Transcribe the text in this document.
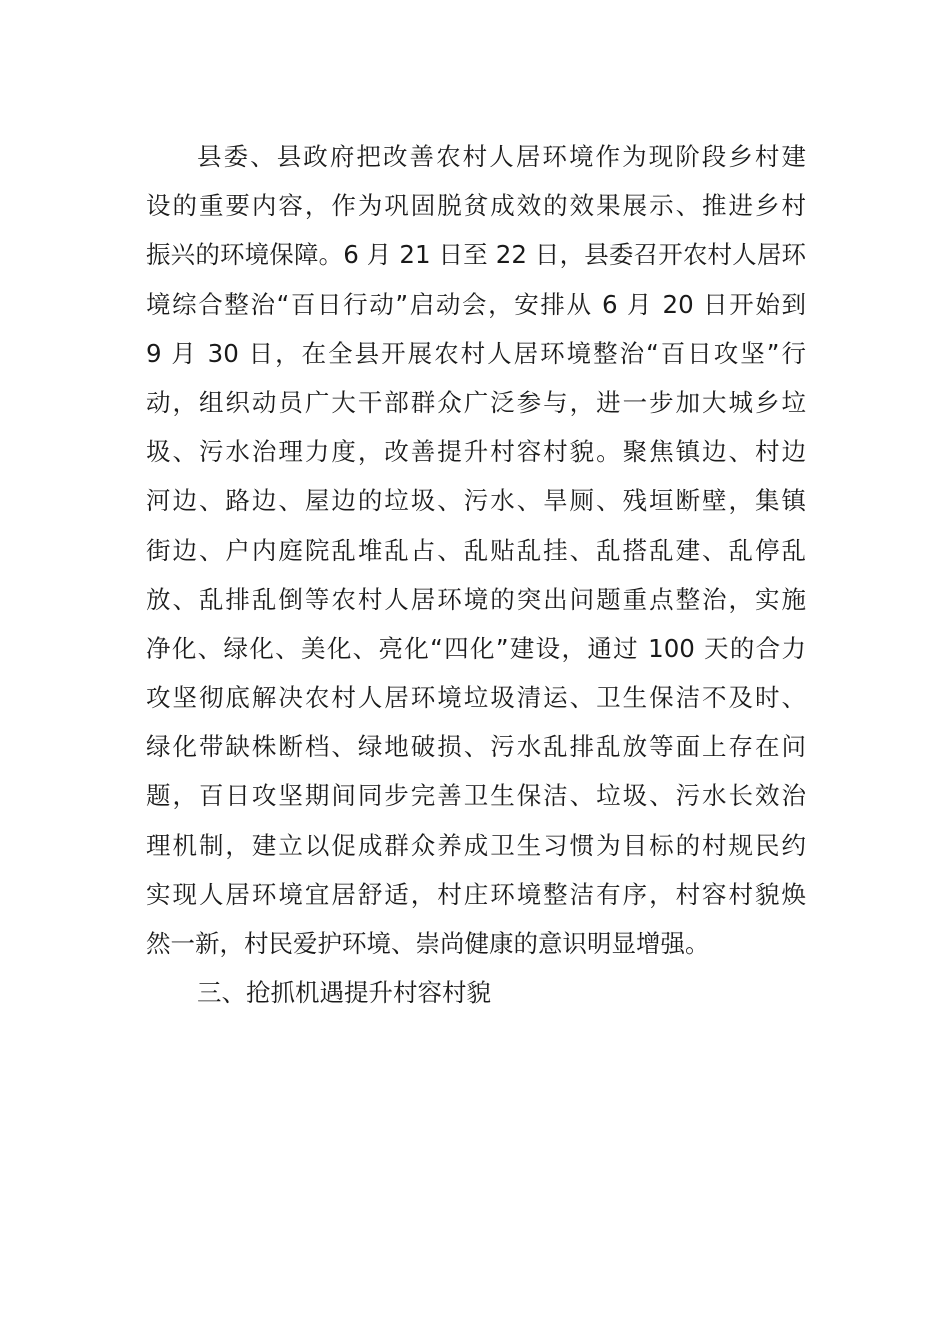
县委、县政府把改善农村人居环境作为现阶段乡村建
设的重要内容，作为巩固脱贫成效的效果展示、推进乡村
振兴的环境保障。6 月 21 日至 22 日，县委召开农村人居环
境综合整治“百日行动”启动会，安排从 6 月 20 日开始到
9 月 30 日，在全县开展农村人居环境整治“百日攻坚”行
动，组织动员广大干部群众广泛参与，进一步加大城乡垃
圾、污水治理力度，改善提升村容村貌。聚焦镇边、村边
河边、路边、屋边的垃圾、污水、旱厕、残垣断壁，集镇
街边、户内庭院乱堆乱占、乱贴乱挂、乱搭乱建、乱停乱
放、乱排乱倒等农村人居环境的突出问题重点整治，实施
净化、绿化、美化、亮化“四化”建设，通过 100 天的合力
攻坚彻底解决农村人居环境垃圾清运、卫生保洁不及时、
绿化带缺株断档、绿地破损、污水乱排乱放等面上存在问
题，百日攻坚期间同步完善卫生保洁、垃圾、污水长效治
理机制，建立以促成群众养成卫生习惯为目标的村规民约
实现人居环境宜居舒适，村庄环境整洁有序，村容村貌焕
然一新，村民爱护环境、崇尚健康的意识明显增强。
三、抢抓机遇提升村容村貌
